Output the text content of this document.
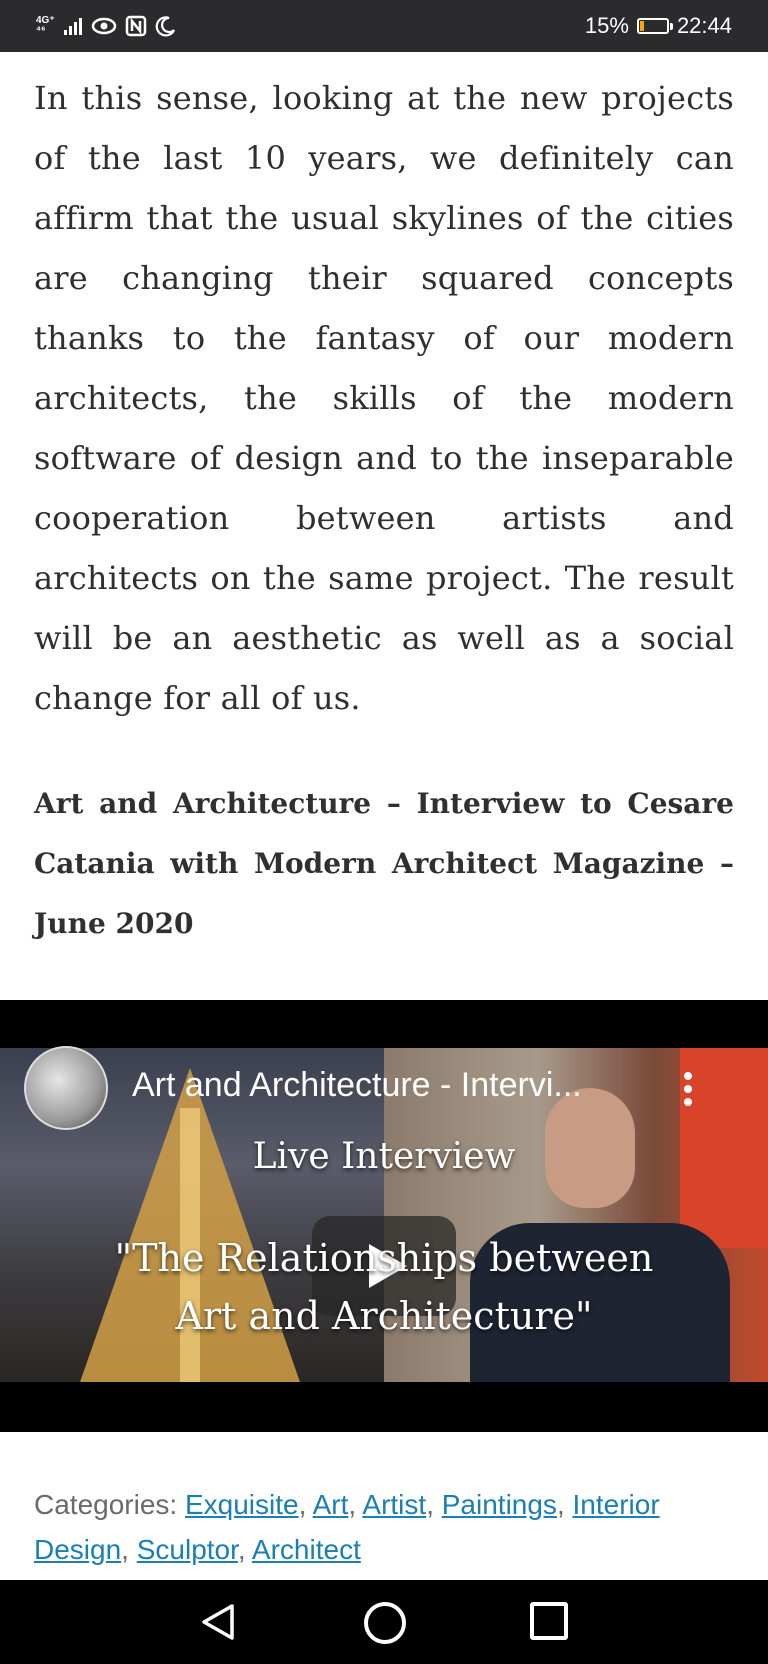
4G⁺
⁴⁶	15% 22:44

In this sense, looking at the new projects of the last 10 years, we definitely can affirm that the usual skylines of the cities are changing their squared concepts thanks to the fantasy of our modern architects, the skills of the modern software of design and to the inseparable cooperation between artists and architects on the same project. The result will be an aesthetic as well as a social change for all of us.

Art and Architecture – Interview to Cesare Catania with Modern Architect Magazine – June 2020

Live Interview
"The Relationships between
Art and Architecture"
Art and Architecture - Intervi...
Categories: Exquisite, Art, Artist, Paintings, Interior Design, Sculptor, Architect
